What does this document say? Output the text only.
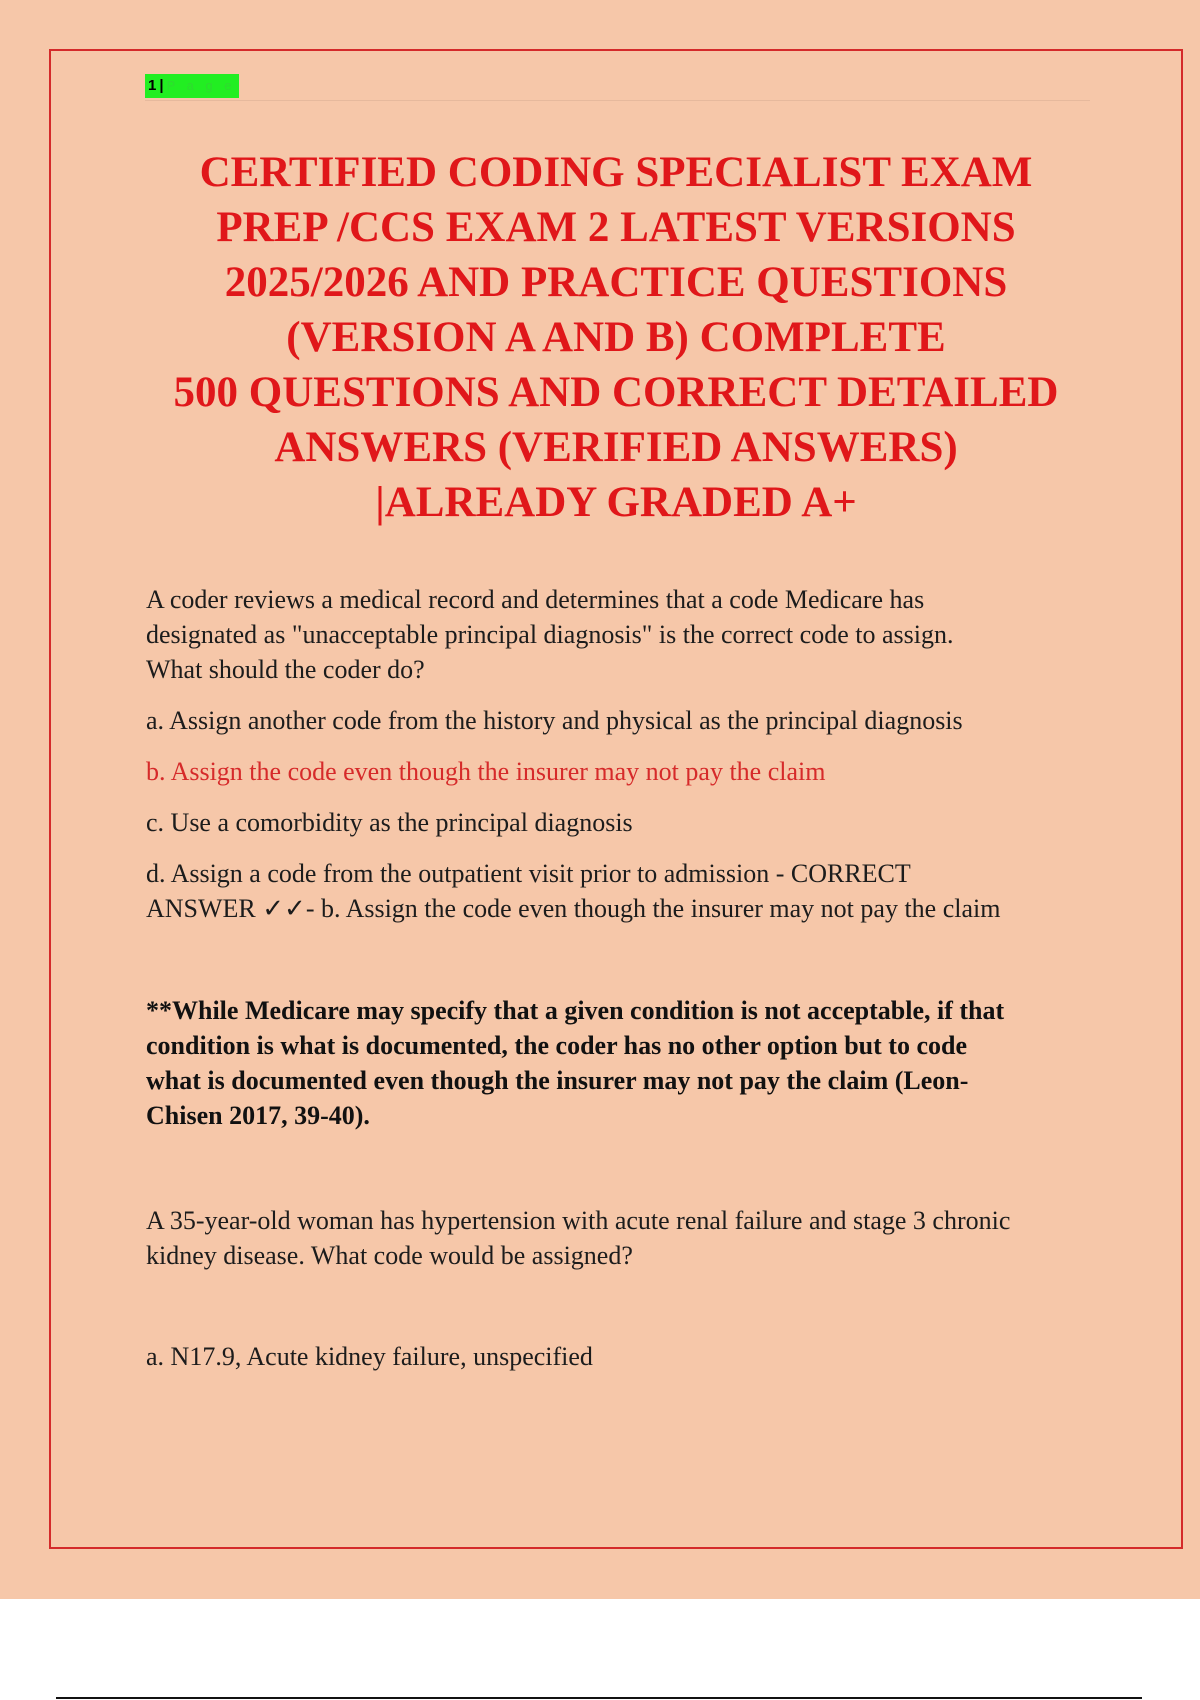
1 | P a g e
CERTIFIED CODING SPECIALIST EXAM
PREP /CCS EXAM 2 LATEST VERSIONS
2025/2026 AND PRACTICE QUESTIONS
(VERSION A AND B) COMPLETE
500 QUESTIONS AND CORRECT DETAILED
ANSWERS (VERIFIED ANSWERS)
|ALREADY GRADED A+

A coder reviews a medical record and determines that a code Medicare has
designated as "unacceptable principal diagnosis" is the correct code to assign.
What should the coder do?

a. Assign another code from the history and physical as the principal diagnosis

b. Assign the code even though the insurer may not pay the claim

c. Use a comorbidity as the principal diagnosis

d. Assign a code from the outpatient visit prior to admission - CORRECT
ANSWER ✓✓- b. Assign the code even though the insurer may not pay the claim

**While Medicare may specify that a given condition is not acceptable, if that
condition is what is documented, the coder has no other option but to code
what is documented even though the insurer may not pay the claim (Leon-
Chisen 2017, 39-40).

A 35-year-old woman has hypertension with acute renal failure and stage 3 chronic
kidney disease. What code would be assigned?

a. N17.9, Acute kidney failure, unspecified
